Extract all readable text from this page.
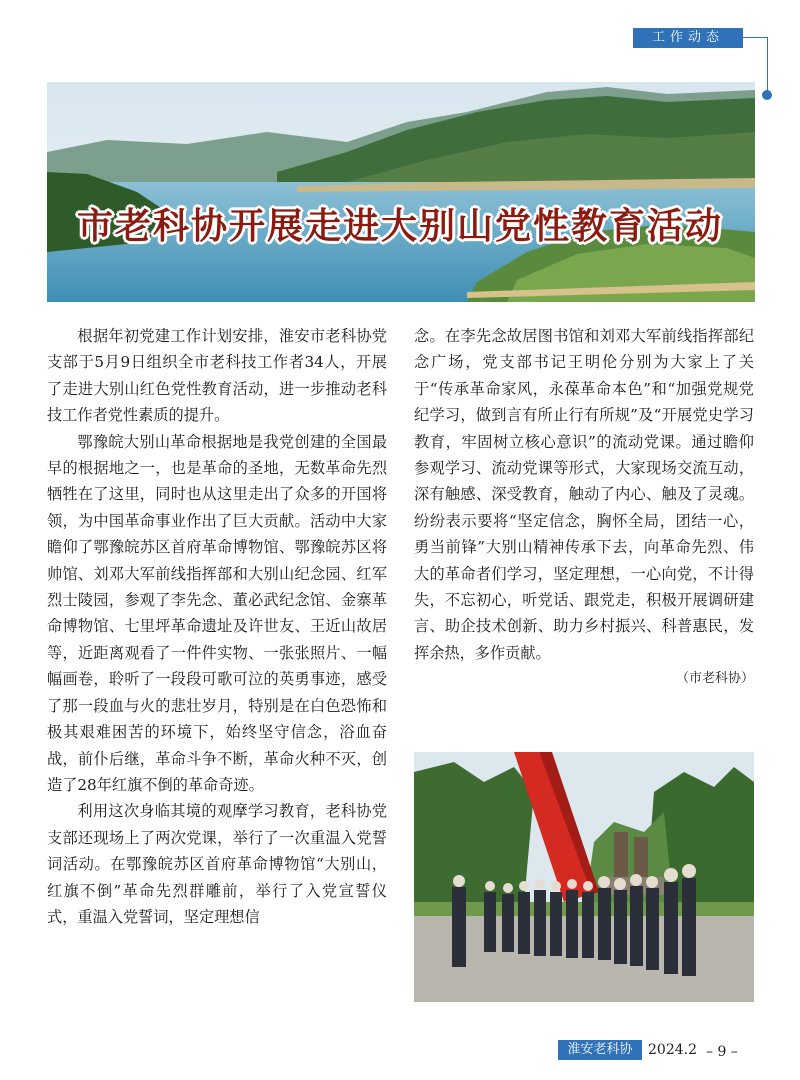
工作动态
市老科协开展走进大别山党性教育活动

根据年初党建工作计划安排，淮安市老科协党支部于5月9日组织全市老科技工作者34人，开展了走进大别山红色党性教育活动，进一步推动老科技工作者党性素质的提升。

鄂豫皖大别山革命根据地是我党创建的全国最早的根据地之一，也是革命的圣地，无数革命先烈牺牲在了这里，同时也从这里走出了众多的开国将领，为中国革命事业作出了巨大贡献。活动中大家瞻仰了鄂豫皖苏区首府革命博物馆、鄂豫皖苏区将帅馆、刘邓大军前线指挥部和大别山纪念园、红军烈士陵园，参观了李先念、董必武纪念馆、金寨革命博物馆、七里坪革命遗址及许世友、王近山故居等，近距离观看了一件件实物、一张张照片、一幅幅画卷，聆听了一段段可歌可泣的英勇事迹，感受了那一段血与火的悲壮岁月，特别是在白色恐怖和极其艰难困苦的环境下，始终坚守信念，浴血奋战，前仆后继，革命斗争不断，革命火种不灭，创造了28年红旗不倒的革命奇迹。

利用这次身临其境的观摩学习教育，老科协党支部还现场上了两次党课，举行了一次重温入党誓词活动。在鄂豫皖苏区首府革命博物馆“大别山，红旗不倒”革命先烈群雕前，举行了入党宣誓仪式，重温入党誓词，坚定理想信

念。在李先念故居图书馆和刘邓大军前线指挥部纪念广场，党支部书记王明伦分别为大家上了关于“传承革命家风，永葆革命本色”和“加强党规党纪学习，做到言有所止行有所规”及“开展党史学习教育，牢固树立核心意识”的流动党课。通过瞻仰参观学习、流动党课等形式，大家现场交流互动，深有触感、深受教育，触动了内心、触及了灵魂。纷纷表示要将“坚定信念，胸怀全局，团结一心，勇当前锋”大别山精神传承下去，向革命先烈、伟大的革命者们学习，坚定理想，一心向党，不计得失，不忘初心，听党话、跟党走，积极开展调研建言、助企技术创新、助力乡村振兴、科普惠民，发挥余热，多作贡献。

（市老科协）
淮安老科协	2024.2 – 9 –
